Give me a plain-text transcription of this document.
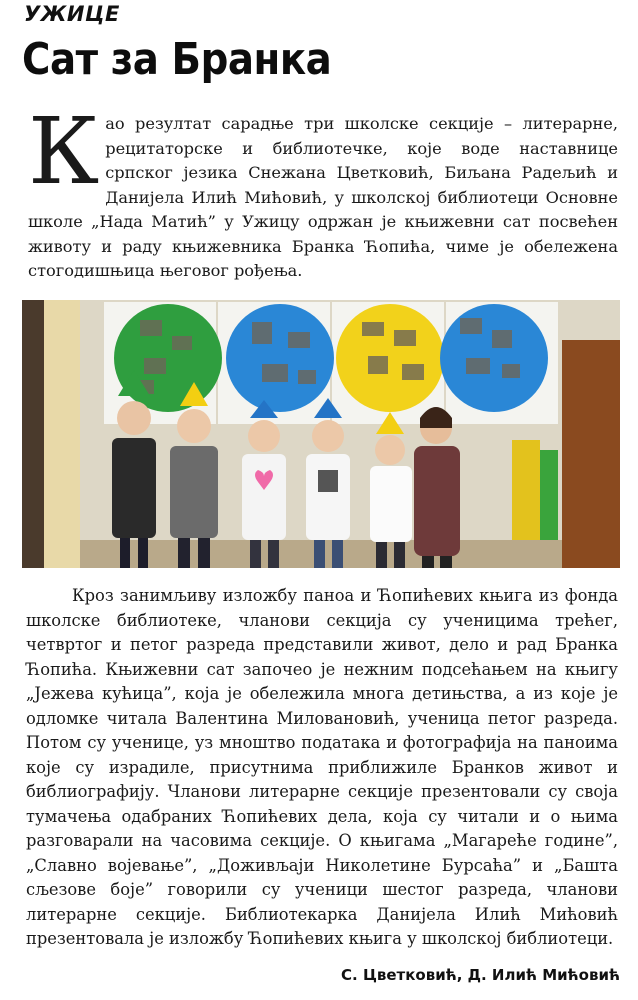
УЖИЦЕ
Сат за Бранка

Као резултат сарадње три школске секције – литерарне, рецитаторске и библиотечке, које воде наставнице српског језика Снежана Цветковић, Биљана Радељић и Данијела Илић Мићовић, у школској библиотеци Основне школе „Нада Матић” у Ужицу одржан је књижевни сат посвећен животу и раду књижевника Бранка Ћопића, чиме је обележена стогодишњица његовог рођења.

Кроз занимљиву изложбу паноа и Ћопићевих књига из фонда школске библиотеке, чланови секција су ученицима трећег, четвртог и петог разреда представили живот, дело и рад Бранка Ћопића. Књижевни сат започео је нежним подсећањем на књигу „Јежева кућица”, која је обележила многа детињства, а из које је одломке читала Валентина Миловановић, ученица петог разреда. Потом су ученице, уз мноштво података и фотографија на паноима које су израдиле, присутнима приближиле Бранков живот и библиографију. Чланови литерарне секције презентовали су своја тумачења одабраних Ћопићевих дела, која су читали и о њима разговарали на часовима секције. О књигама „Магареће године”, „Славно војевање”, „Доживљаји Николетине Бурсаћа” и „Башта сљезове боје” говорили су ученици шестог разреда, чланови литерарне секције. Библиотекарка Данијела Илић Мићовић презентовала је изложбу Ћопићевих књига у школској библиотеци.

С. Цветковић, Д. Илић Мићовић
